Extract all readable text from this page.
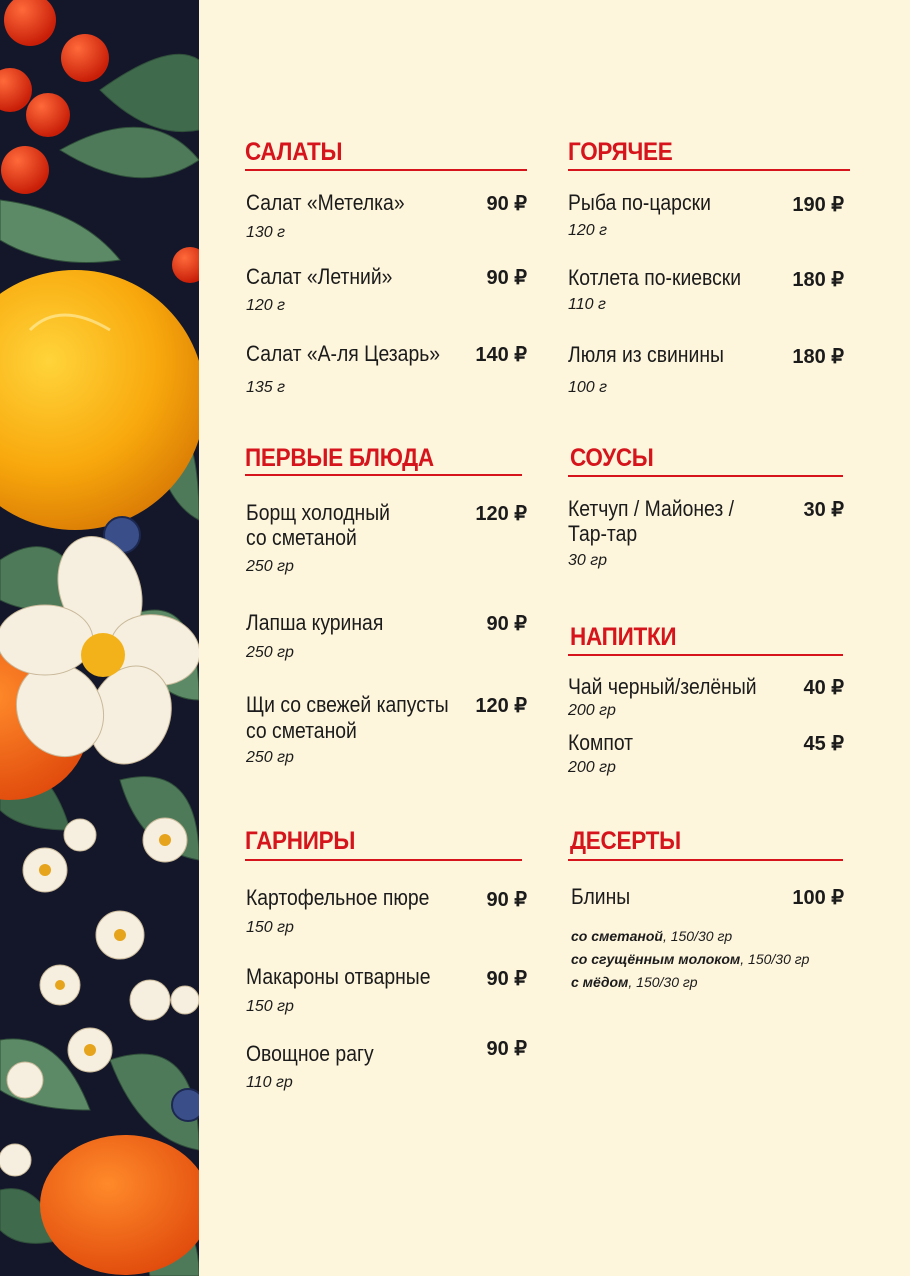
САЛАТЫ
Салат «Метелка»	90 ₽
130 г
Салат «Летний»	90 ₽
120 г
Салат «А-ля Цезарь»	140 ₽
135 г
ПЕРВЫЕ БЛЮДА
Борщ холодный
со сметаной
120 ₽
250 гр
Лапша куриная	90 ₽
250 гр
Щи со свежей капусты
со сметаной
120 ₽
250 гр
ГАРНИРЫ
Картофельное пюре	90 ₽
150 гр
Макароны отварные	90 ₽
150 гр
Овощное рагу	90 ₽
110 гр
ГОРЯЧЕЕ
Рыба по-царски	190 ₽
120 г
Котлета по-киевски	180 ₽
110 г
Люля из свинины	180 ₽
100 г
СОУСЫ
Кетчуп / Майонез /
Тар-тар
30 ₽
30 гр
НАПИТКИ
Чай черный/зелёный	40 ₽
200 гр
Компот	45 ₽
200 гр
ДЕСЕРТЫ
Блины	100 ₽
со сметаной, 150/30 гр
со сгущённым молоком, 150/30 гр
с мёдом, 150/30 гр
